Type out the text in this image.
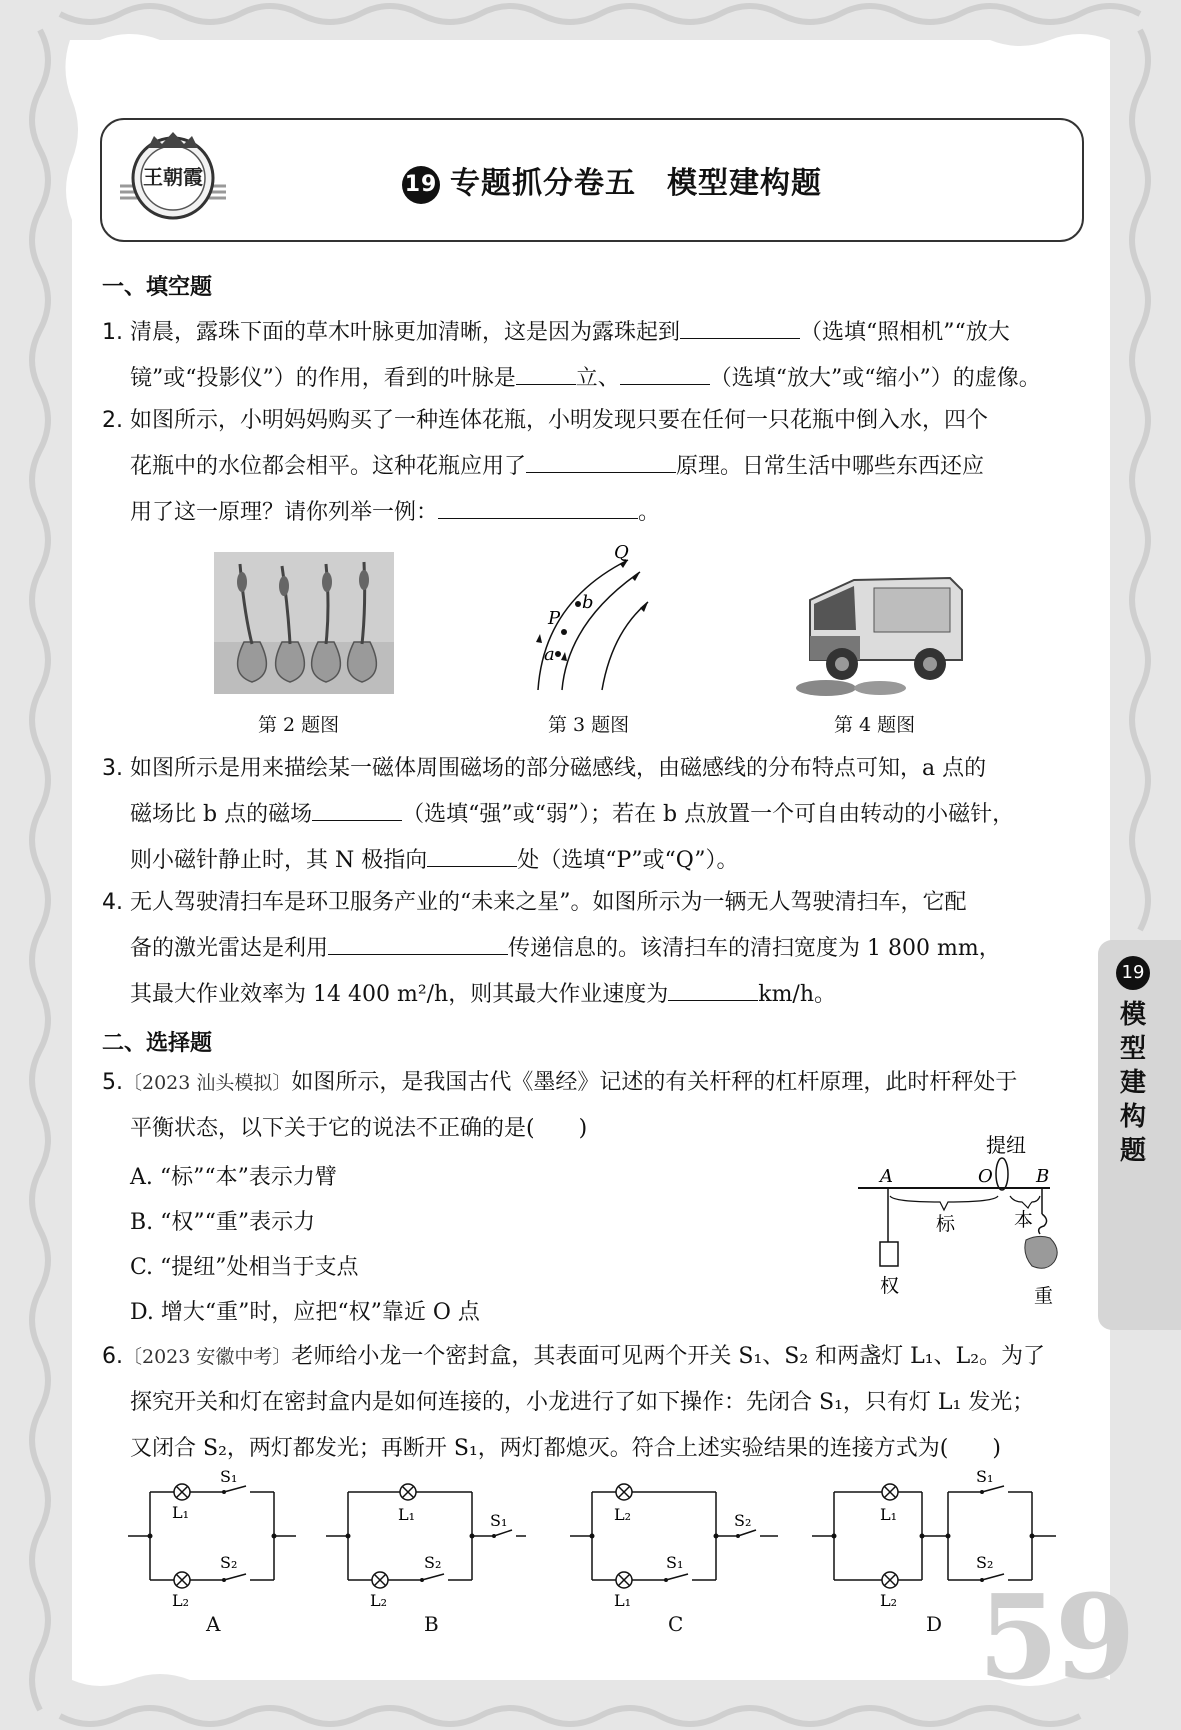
王朝霞	19 专题抓分卷五　模型建构题
一、填空题
1. 清晨，露珠下面的草木叶脉更加清晰，这是因为露珠起到	（选填“照相机”“放大
镜”或“投影仪”）的作用，看到的叶脉是	立、	（选填“放大”或“缩小”）的虚像。
2. 如图所示，小明妈妈购买了一种连体花瓶，小明发现只要在任何一只花瓶中倒入水，四个
花瓶中的水位都会相平。这种花瓶应用了	原理。日常生活中哪些东西还应
用了这一原理？请你列举一例：	。
第 2 题图
Q
P
a
b
第 3 题图	第 4 题图
3. 如图所示是用来描绘某一磁体周围磁场的部分磁感线，由磁感线的分布特点可知，a 点的
磁场比 b 点的磁场	（选填“强”或“弱”）；若在 b 点放置一个可自由转动的小磁针，
则小磁针静止时，其 N 极指向	处（选填“P”或“Q”）。
4. 无人驾驶清扫车是环卫服务产业的“未来之星”。如图所示为一辆无人驾驶清扫车，它配
备的激光雷达是利用	传递信息的。该清扫车的清扫宽度为 1 800 mm，
其最大作业效率为 14 400 m²/h，则其最大作业速度为	km/h。
二、选择题
5.〔2023 汕头模拟〕如图所示，是我国古代《墨经》记述的有关杆秤的杠杆原理，此时杆秤处于
平衡状态，以下关于它的说法不正确的是(　　)
A. “标”“本”表示力臂
B. “权”“重”表示力
C. “提纽”处相当于支点
D. 增大“重”时，应把“权”靠近 O 点
提纽
A	O B
标	本
权	重
19
模型建构题
6.〔2023 安徽中考〕老师给小龙一个密封盒，其表面可见两个开关 S₁、S₂ 和两盏灯 L₁、L₂。为了
探究开关和灯在密封盒内是如何连接的，小龙进行了如下操作：先闭合 S₁，只有灯 L₁ 发光；
又闭合 S₂，两灯都发光；再断开 S₁，两灯都熄灭。符合上述实验结果的连接方式为(　　)
L₁
L₂
S₁
S₂
A
L₁
L₂
S₁
S₂
B
L₂
L₁
S₂
S₁
C
L₁
L₂
S₁
S₂
D 59
